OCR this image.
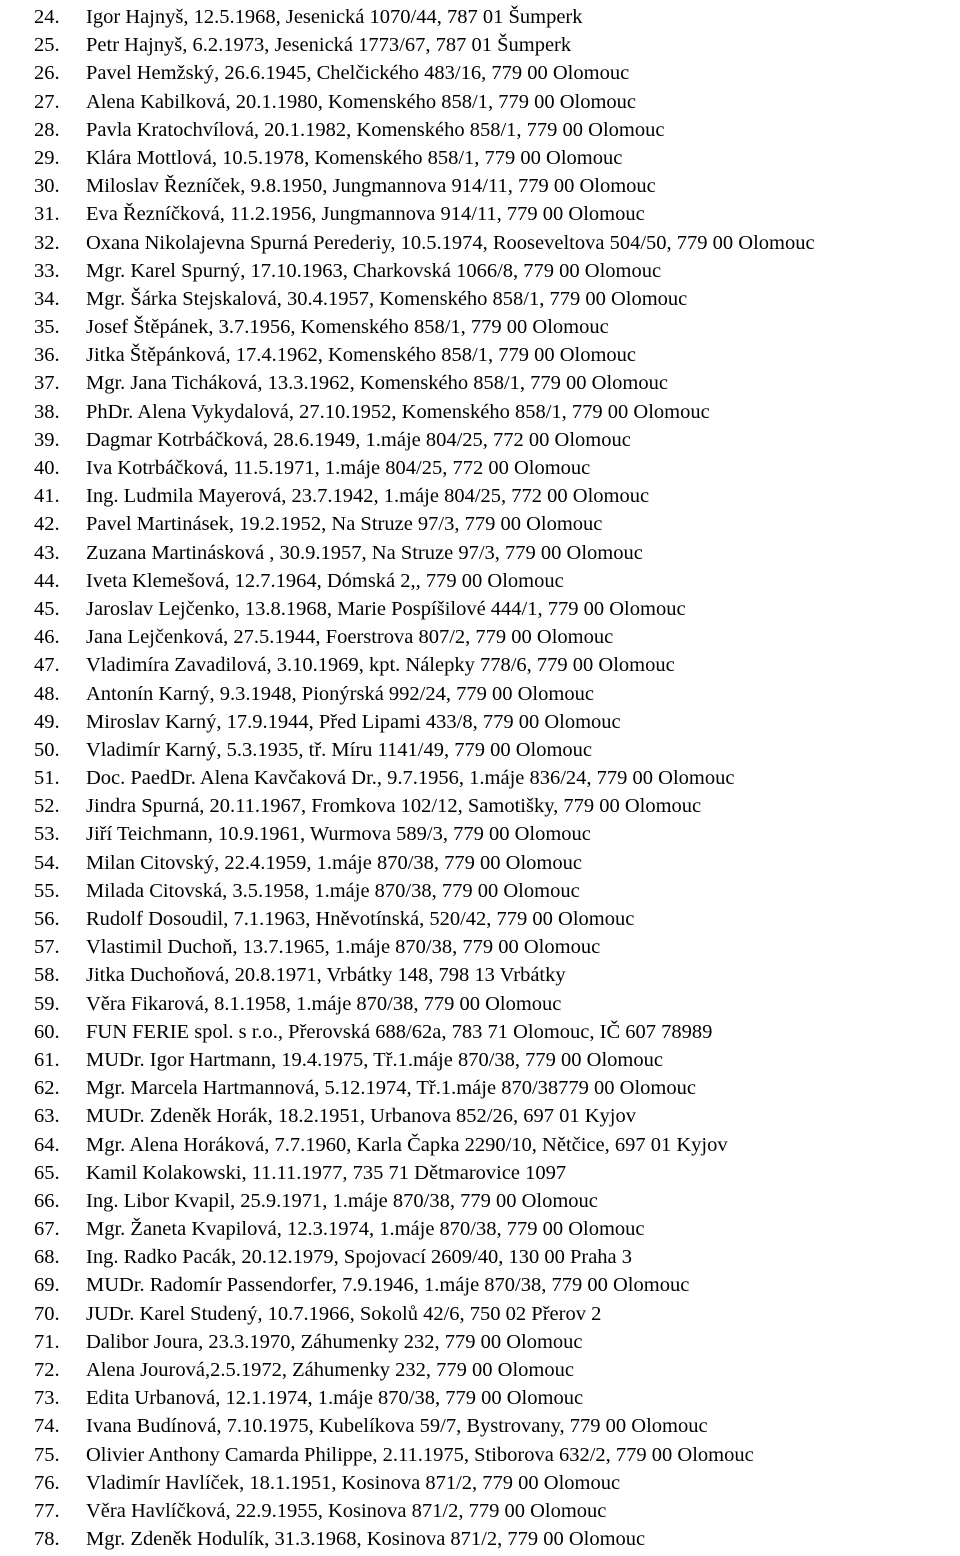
24. Igor Hajnyš, 12.5.1968, Jesenická 1070/44, 787 01 Šumperk
25. Petr Hajnyš, 6.2.1973, Jesenická 1773/67, 787 01 Šumperk
26. Pavel Hemžský, 26.6.1945, Chelčického 483/16, 779 00 Olomouc
27. Alena Kabilková, 20.1.1980, Komenského 858/1, 779 00 Olomouc
28. Pavla Kratochvílová, 20.1.1982, Komenského 858/1, 779 00 Olomouc
29. Klára Mottlová, 10.5.1978, Komenského 858/1, 779 00 Olomouc
30. Miloslav Řezníček, 9.8.1950, Jungmannova 914/11, 779 00 Olomouc
31. Eva Řezníčková, 11.2.1956, Jungmannova 914/11, 779 00 Olomouc
32. Oxana Nikolajevna Spurná Perederiy, 10.5.1974, Rooseveltova 504/50, 779 00 Olomouc
33. Mgr. Karel Spurný, 17.10.1963, Charkovská 1066/8, 779 00 Olomouc
34. Mgr. Šárka Stejskalová, 30.4.1957, Komenského 858/1, 779 00 Olomouc
35. Josef Štěpánek, 3.7.1956, Komenského 858/1, 779 00 Olomouc
36. Jitka Štěpánková, 17.4.1962, Komenského 858/1, 779 00 Olomouc
37. Mgr. Jana Ticháková, 13.3.1962, Komenského 858/1, 779 00 Olomouc
38. PhDr. Alena Vykydalová, 27.10.1952, Komenského 858/1, 779 00 Olomouc
39. Dagmar Kotrbáčková, 28.6.1949, 1.máje 804/25, 772 00 Olomouc
40. Iva Kotrbáčková, 11.5.1971, 1.máje 804/25, 772 00 Olomouc
41. Ing. Ludmila Mayerová, 23.7.1942, 1.máje 804/25, 772 00 Olomouc
42. Pavel Martinásek, 19.2.1952, Na Struze 97/3, 779 00 Olomouc
43. Zuzana Martinásková , 30.9.1957, Na Struze 97/3, 779 00 Olomouc
44. Iveta Klemešová, 12.7.1964, Dómská 2,, 779 00 Olomouc
45. Jaroslav Lejčenko, 13.8.1968, Marie Pospíšilové 444/1, 779 00 Olomouc
46. Jana Lejčenková, 27.5.1944, Foerstrova 807/2, 779 00 Olomouc
47. Vladimíra Zavadilová, 3.10.1969, kpt. Nálepky 778/6, 779 00 Olomouc
48. Antonín Karný, 9.3.1948, Pionýrská 992/24, 779 00 Olomouc
49. Miroslav Karný, 17.9.1944, Před Lipami 433/8, 779 00 Olomouc
50. Vladimír Karný, 5.3.1935, tř. Míru 1141/49, 779 00 Olomouc
51. Doc. PaedDr. Alena Kavčaková Dr., 9.7.1956, 1.máje 836/24, 779 00 Olomouc
52. Jindra Spurná, 20.11.1967, Fromkova 102/12, Samotišky, 779 00 Olomouc
53. Jiří Teichmann, 10.9.1961, Wurmova 589/3, 779 00 Olomouc
54. Milan Citovský, 22.4.1959, 1.máje 870/38, 779 00 Olomouc
55. Milada Citovská, 3.5.1958, 1.máje 870/38, 779 00 Olomouc
56. Rudolf Dosoudil, 7.1.1963, Hněvotínská, 520/42, 779 00 Olomouc
57. Vlastimil Duchoň, 13.7.1965, 1.máje 870/38, 779 00 Olomouc
58. Jitka Duchoňová, 20.8.1971, Vrbátky 148, 798 13 Vrbátky
59. Věra Fikarová, 8.1.1958, 1.máje 870/38, 779 00 Olomouc
60. FUN FERIE spol. s r.o., Přerovská 688/62a, 783 71 Olomouc, IČ 607 78989
61. MUDr. Igor Hartmann, 19.4.1975, Tř.1.máje 870/38, 779 00 Olomouc
62. Mgr. Marcela Hartmannová, 5.12.1974, Tř.1.máje 870/38779 00 Olomouc
63. MUDr. Zdeněk Horák, 18.2.1951, Urbanova 852/26, 697 01 Kyjov
64. Mgr. Alena Horáková, 7.7.1960, Karla Čapka 2290/10, Nětčice, 697 01 Kyjov
65. Kamil Kolakowski, 11.11.1977, 735 71 Dětmarovice 1097
66. Ing. Libor Kvapil, 25.9.1971, 1.máje 870/38, 779 00 Olomouc
67. Mgr. Žaneta Kvapilová, 12.3.1974, 1.máje 870/38, 779 00 Olomouc
68. Ing. Radko Pacák, 20.12.1979, Spojovací 2609/40, 130 00 Praha 3
69. MUDr. Radomír Passendorfer, 7.9.1946, 1.máje 870/38, 779 00 Olomouc
70. JUDr. Karel Studený, 10.7.1966, Sokolů 42/6, 750 02 Přerov 2
71. Dalibor Joura, 23.3.1970, Záhumenky 232, 779 00 Olomouc
72. Alena Jourová,2.5.1972, Záhumenky 232, 779 00 Olomouc
73. Edita Urbanová, 12.1.1974, 1.máje 870/38, 779 00 Olomouc
74. Ivana Budínová, 7.10.1975, Kubelíkova 59/7, Bystrovany, 779 00 Olomouc
75. Olivier Anthony Camarda Philippe, 2.11.1975, Stiborova 632/2, 779 00 Olomouc
76. Vladimír Havlíček, 18.1.1951, Kosinova 871/2, 779 00 Olomouc
77. Věra Havlíčková, 22.9.1955, Kosinova 871/2, 779 00 Olomouc
78. Mgr. Zdeněk Hodulík, 31.3.1968, Kosinova 871/2, 779 00 Olomouc
